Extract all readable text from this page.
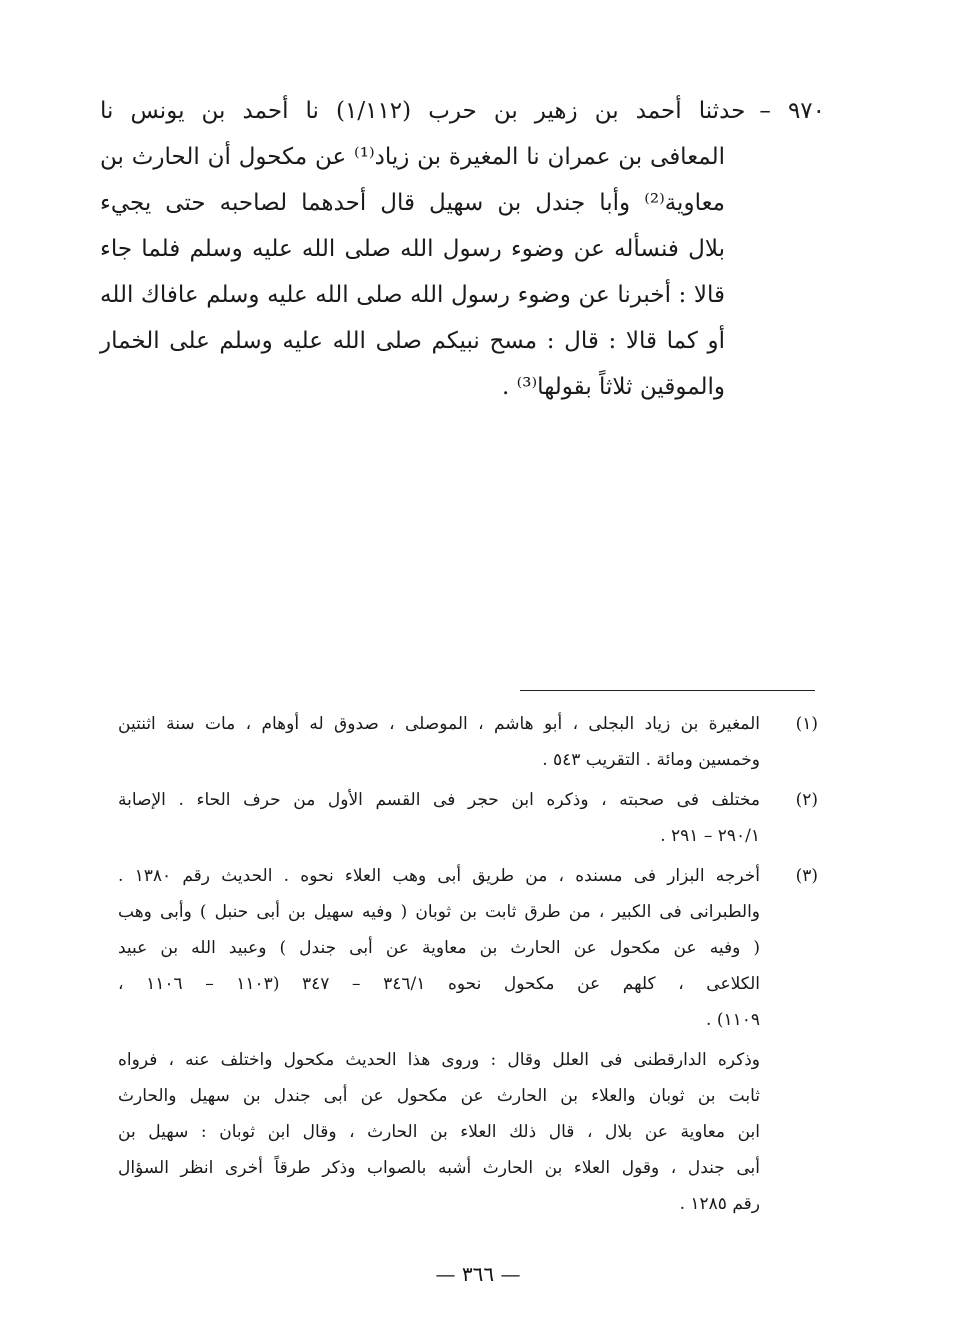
٩٧٠ –حدثنا أحمد بن زهير بن حرب (١/١١٢) نا أحمد بن يونس نا
المعافى بن عمران نا المغيرة بن زياد⁽¹⁾ عن مكحول أن الحارث بن
معاوية⁽²⁾ وأبا جندل بن سهيل قال أحدهما لصاحبه حتى يجيء
بلال فنسأله عن وضوء رسول الله صلى الله عليه وسلم فلما جاء
قالا : أخبرنا عن وضوء رسول الله صلى الله عليه وسلم عافاك الله
أو كما قالا : قال : مسح نبيكم صلى الله عليه وسلم على الخمار
والموقين ثلاثاً بقولها⁽³⁾ .
(١)
المغيرة بن زياد البجلى ، أبو هاشم ، الموصلى ، صدوق له أوهام ، مات سنة اثنتين
وخمسين ومائة . التقريب ٥٤٣ .
(٢)
مختلف فى صحبته ، وذكره ابن حجر فى القسم الأول من حرف الحاء . الإصابة
٢٩٠/١ – ٢٩١ .
(٣)
أخرجه البزار فى مسنده ، من طريق أبى وهب العلاء نحوه . الحديث رقم ١٣٨٠ .
والطبرانى فى الكبير ، من طرق ثابت بن ثوبان ( وفيه سهيل بن أبى حنبل ) وأبى وهب
( وفيه عن مكحول عن الحارث بن معاوية عن أبى جندل ) وعبيد الله بن عبيد
الكلاعى ، كلهم عن مكحول نحوه ٣٤٦/١ – ٣٤٧ (١١٠٣ – ١١٠٦ ،
١١٠٩) .
وذكره الدارقطنى فى العلل وقال : وروى هذا الحديث مكحول واختلف عنه ، فرواه
ثابت بن ثوبان والعلاء بن الحارث عن مكحول عن أبى جندل بن سهيل والحارث
ابن معاوية عن بلال ، قال ذلك العلاء بن الحارث ، وقال ابن ثوبان : سهيل بن
أبى جندل ، وقول العلاء بن الحارث أشبه بالصواب وذكر طرقاً أخرى انظر السؤال
رقم ١٢٨٥ .
— ٣٦٦ —
